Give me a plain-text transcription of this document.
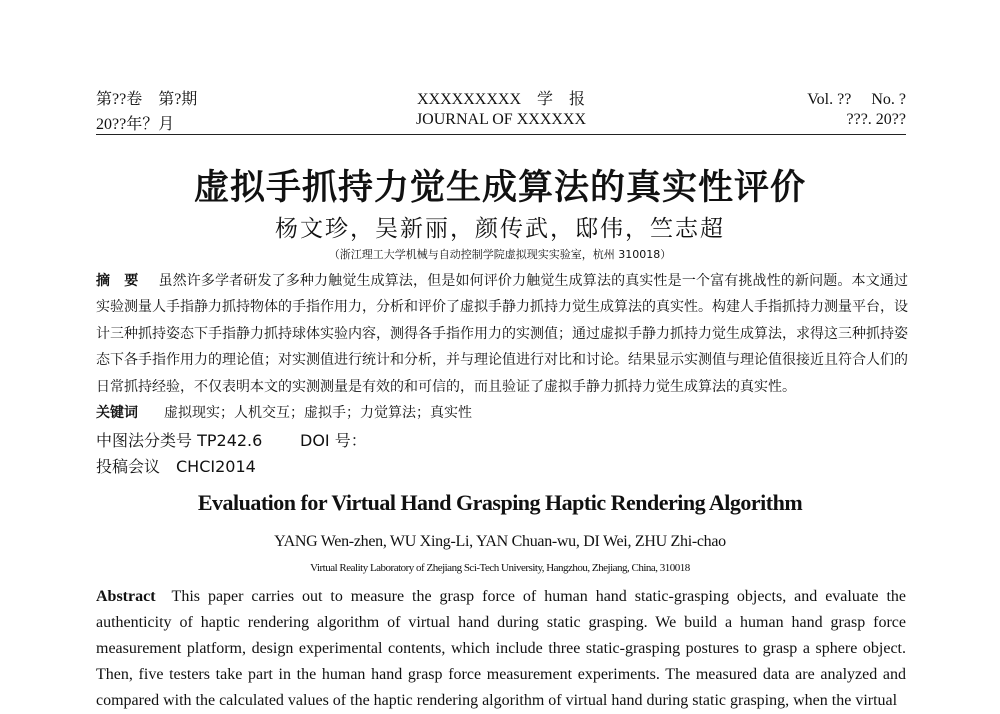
第??卷　第?期	XXXXXXXXX　学　报	Vol. ??　 No. ?
20??年？月	JOURNAL OF XXXXXX	???. 20??
虚拟手抓持力觉生成算法的真实性评价
杨文珍，吴新丽，颜传武，邸伟，竺志超
（浙江理工大学机械与自动控制学院虚拟现实实验室，杭州 310018）
摘　要 虽然许多学者研发了多种力触觉生成算法，但是如何评价力触觉生成算法的真实性是一个富有挑战性的新问题。本文通过实验测量人手指静力抓持物体的手指作用力，分析和评价了虚拟手静力抓持力觉生成算法的真实性。构建人手指抓持力测量平台，设计三种抓持姿态下手指静力抓持球体实验内容，测得各手指作用力的实测值；通过虚拟手静力抓持力觉生成算法，求得这三种抓持姿态下各手指作用力的理论值；对实测值进行统计和分析，并与理论值进行对比和讨论。结果显示实测值与理论值很接近且符合人们的日常抓持经验，不仅表明本文的实测测量是有效的和可信的，而且验证了虚拟手静力抓持力觉生成算法的真实性。
关键词 虚拟现实；人机交互；虚拟手；力觉算法；真实性
中图法分类号 TP242.6 DOI 号：
投稿会议　CHCI2014
Evaluation for Virtual Hand Grasping Haptic Rendering Algorithm
YANG Wen-zhen, WU Xing-Li, YAN Chuan-wu, DI Wei, ZHU Zhi-chao
Virtual Reality Laboratory of Zhejiang Sci-Tech University, Hangzhou, Zhejiang, China, 310018
Abstract This paper carries out to measure the grasp force of human hand static-grasping objects, and evaluate the authenticity of haptic rendering algorithm of virtual hand during static grasping. We build a human hand grasp force measurement platform, design experimental contents, which include three static-grasping postures to grasp a sphere object. Then, five testers take part in the human hand grasp force measurement experiments. The measured data are analyzed and compared with the calculated values of the haptic rendering algorithm of virtual hand during static grasping, when the virtual
